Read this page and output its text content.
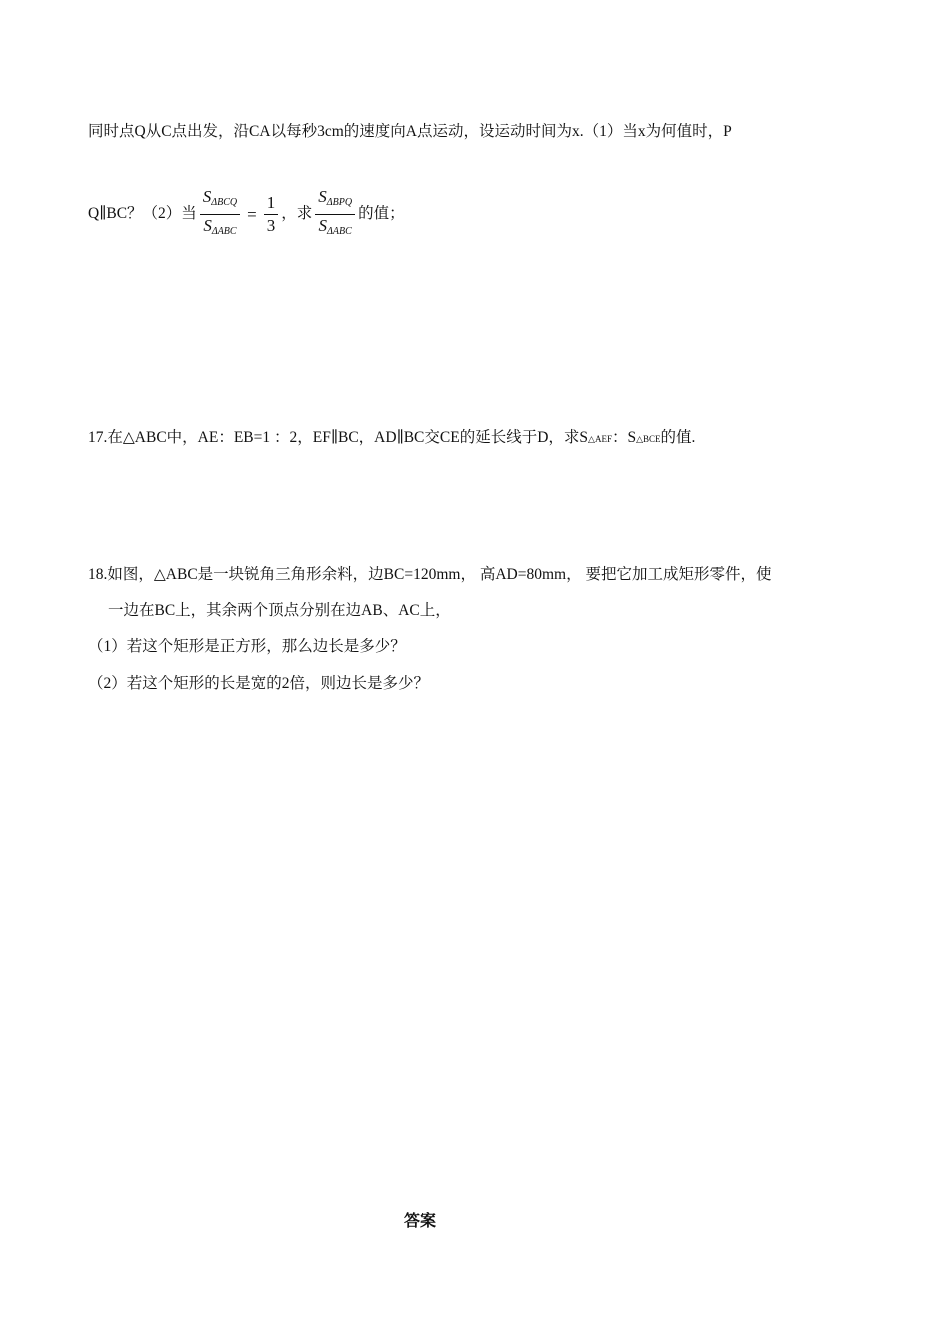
同时点Q从C点出发，沿CA以每秒3cm的速度向A点运动，设运动时间为x.（1）当x为何值时，P
Q∥BC？（2）当 $\frac{S_{\Delta BCQ}}{S_{\Delta ABC}} = \frac{1}{3}$ ，求 $\frac{S_{\Delta BPQ}}{S_{\Delta ABC}}$ 的值；
17.在△ABC中，AE：EB=1 ：2，EF∥BC，AD∥BC交CE的延长线于D，求S△AEF：S△BCE的值.
18.如图，△ABC是一块锐角三角形余料，边BC=120mm， 高AD=80mm， 要把它加工成矩形零件，使
一边在BC上，其余两个顶点分别在边AB、AC上，
（1）若这个矩形是正方形，那么边长是多少？
（2）若这个矩形的长是宽的2倍，则边长是多少？
答案
